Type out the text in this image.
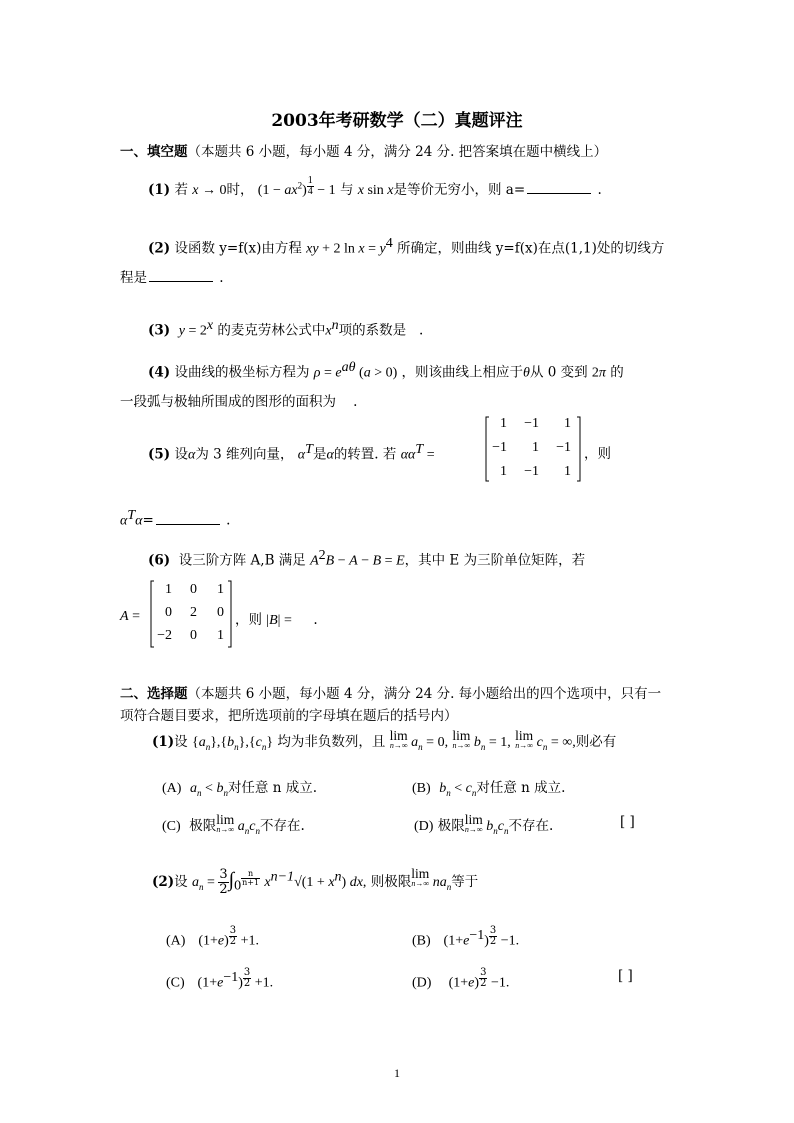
2003年考研数学（二）真题评注
一、填空题（本题共 6 小题，每小题 4 分，满分 24 分. 把答案填在题中横线上）
(1) 若 x → 0时， $(1 - ax^2)$ $^{\frac{1}{4}}$ − 1 与 x sin x是等价无穷小，则 a=	.
(2) 设函数 y=f(x)由方程 xy + 2 $\ln x = y^4$ 所确定，则曲线 y=f(x)在点(1,1)处的切线方
程是	.
(3) $y = 2^x$ 的麦克劳林公式中$x^n$项的系数是 .
(4) 设曲线的极坐标方程为 $\rho = e^{a\theta}$ (a > 0) ，则该曲线上相应于θ从 0 变到 2π 的
一段弧与极轴所围成的图形的面积为 .
(5) 设α为 3 维列向量， $\alpha^T$是α的转置. 若 $\alpha\alpha^T$ =
1	−1	1
−1	1	−1
1	−1	1
，则
$\alpha^T\alpha=$	.
(6) 设三阶方阵 A,B 满足 $A^2B - A - B = E$，其中 E 为三阶单位矩阵，若
A =
1	0	1
0	2	0
−2	0	1
，则 |B| = .
二、选择题（本题共 6 小题，每小题 4 分，满分 24 分. 每小题给出的四个选项中，只有一
项符合题目要求，把所选项前的字母填在题后的括号内）
(1)设 $\{a_n\},\{b_n\},\{c_n\}$ 均为非负数列，且 lim
n→∞ $a_n = 0$, lim
n→∞ $b_n = 1$, lim
n→∞ $c_n$ = ∞,则必有
(A) $a_n < b_n$对任意 n 成立.	(B) $b_n < c_n$对任意 n 成立.
(C) 极限 lim
n→∞ $a_nc_n$不存在.	(D) 极限 lim
n→∞ $b_nc_n$不存在.	[ ]
(2)设 $a_n = \frac{3}{2} \int_0$ $^{\frac{n}{n+1}}$ $x^{n-1}√(1 + x^n)$ dx, 则极限
lim
n→∞ $na_n$等于
(A) (1+e) $^{\frac{3}{2}}$ +1.	(B) $(1+e^{-1})$ $^{\frac{3}{2}}$ −1.
(C) $(1+e^{-1})$ $^{\frac{3}{2}}$ +1.	(D) (1+e) $^{\frac{3}{2}}$ −1.	[ ]
1
